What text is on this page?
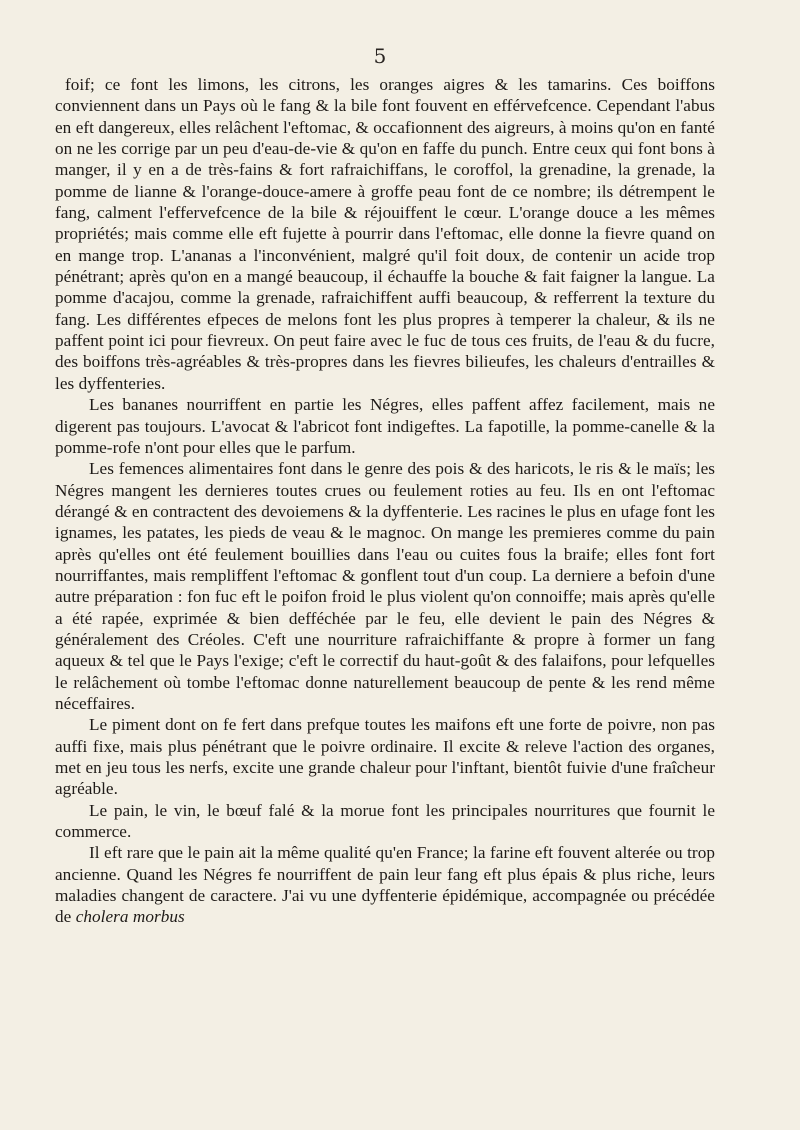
5

foif; ce font les limons, les citrons, les oranges aigres & les tamarins. Ces boiffons conviennent dans un Pays où le fang & la bile font fouvent en efférvefcence. Cependant l'abus en eft dangereux, elles relâchent l'eftomac, & occafionnent des aigreurs, à moins qu'on en fanté on ne les corrige par un peu d'eau-de-vie & qu'on en faffe du punch. Entre ceux qui font bons à manger, il y en a de très-fains & fort rafraichiffans, le coroffol, la grenadine, la grenade, la pomme de lianne & l'orange-douce-amere à groffe peau font de ce nombre; ils détrempent le fang, calment l'effervefcence de la bile & réjouiffent le cœur. L'orange douce a les mêmes propriétés; mais comme elle eft fujette à pourrir dans l'eftomac, elle donne la fievre quand on en mange trop. L'ananas a l'inconvénient, malgré qu'il foit doux, de contenir un acide trop pénétrant; après qu'on en a mangé beaucoup, il échauffe la bouche & fait faigner la langue. La pomme d'acajou, comme la grenade, rafraichiffent auffi beaucoup, & refferrent la texture du fang. Les différentes efpeces de melons font les plus propres à temperer la chaleur, & ils ne paffent point ici pour fievreux. On peut faire avec le fuc de tous ces fruits, de l'eau & du fucre, des boiffons très-agréables & très-propres dans les fievres bilieufes, les chaleurs d'entrailles & les dyffenteries.

Les bananes nourriffent en partie les Négres, elles paffent affez facilement, mais ne digerent pas toujours. L'avocat & l'abricot font indigeftes. La fapotille, la pomme-canelle & la pomme-rofe n'ont pour elles que le parfum.

Les femences alimentaires font dans le genre des pois & des haricots, le ris & le maïs; les Négres mangent les dernieres toutes crues ou feulement roties au feu. Ils en ont l'eftomac dérangé & en contractent des devoiemens & la dyffenterie. Les racines le plus en ufage font les ignames, les patates, les pieds de veau & le magnoc. On mange les premieres comme du pain après qu'elles ont été feulement bouillies dans l'eau ou cuites fous la braife; elles font fort nourriffantes, mais rempliffent l'eftomac & gonflent tout d'un coup. La derniere a befoin d'une autre préparation : fon fuc eft le poifon froid le plus violent qu'on connoiffe; mais après qu'elle a été rapée, exprimée & bien defféchée par le feu, elle devient le pain des Négres & généralement des Créoles. C'eft une nourriture rafraichiffante & propre à former un fang aqueux & tel que le Pays l'exige; c'eft le correctif du haut-goût & des falaifons, pour lefquelles le relâchement où tombe l'eftomac donne naturellement beaucoup de pente & les rend même néceffaires.

Le piment dont on fe fert dans prefque toutes les maifons eft une forte de poivre, non pas auffi fixe, mais plus pénétrant que le poivre ordinaire. Il excite & releve l'action des organes, met en jeu tous les nerfs, excite une grande chaleur pour l'inftant, bientôt fuivie d'une fraîcheur agréable.

Le pain, le vin, le bœuf falé & la morue font les principales nourritures que fournit le commerce.

Il eft rare que le pain ait la même qualité qu'en France; la farine eft fouvent alterée ou trop ancienne. Quand les Négres fe nourriffent de pain leur fang eft plus épais & plus riche, leurs maladies changent de caractere. J'ai vu une dyffenterie épidémique, accompagnée ou précédée de cholera morbus
